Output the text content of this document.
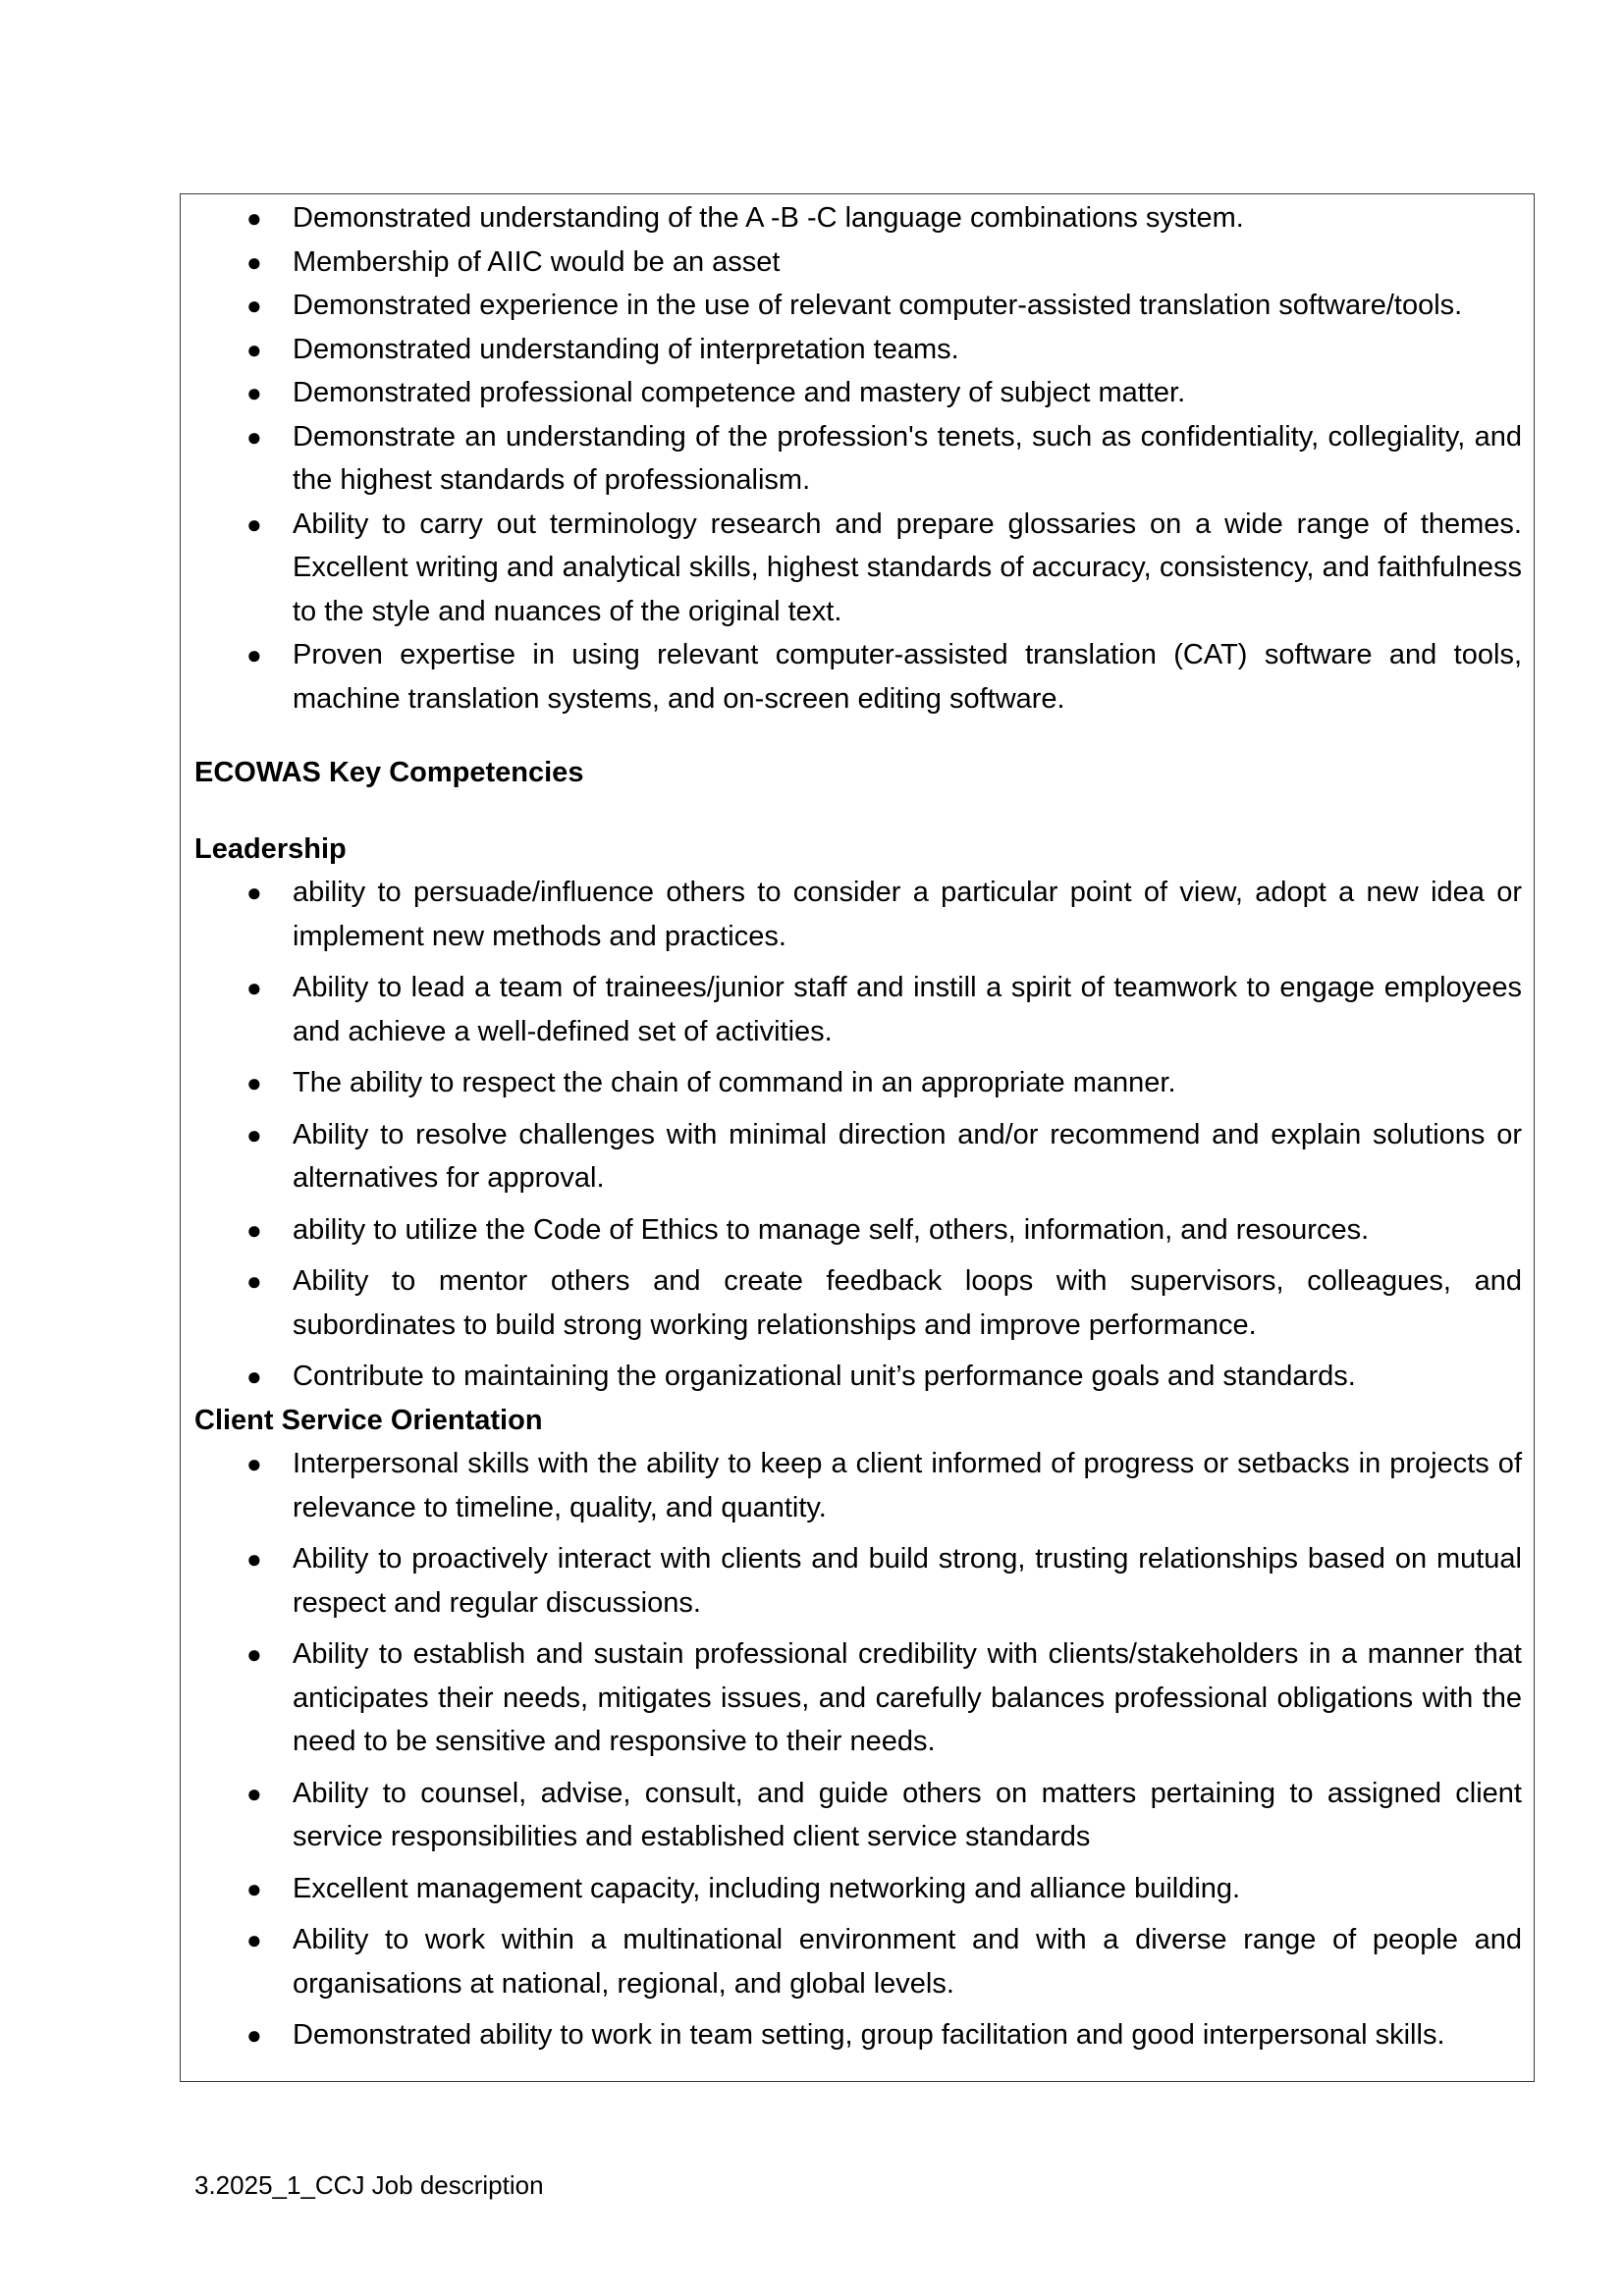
● Demonstrated understanding of the A -B -C language combinations system.
● Membership of AIIC would be an asset
● Demonstrated experience in the use of relevant computer-assisted translation software/tools.
● Demonstrated understanding of interpretation teams.
● Demonstrated professional competence and mastery of subject matter.
● Demonstrate an understanding of the profession's tenets, such as confidentiality, collegiality, and the highest standards of professionalism.
● Ability to carry out terminology research and prepare glossaries on a wide range of themes. Excellent writing and analytical skills, highest standards of accuracy, consistency, and faithfulness to the style and nuances of the original text.
● Proven expertise in using relevant computer-assisted translation (CAT) software and tools, machine translation systems, and on-screen editing software.

ECOWAS Key Competencies

Leadership

● ability to persuade/influence others to consider a particular point of view, adopt a new idea or implement new methods and practices.
● Ability to lead a team of trainees/junior staff and instill a spirit of teamwork to engage employees and achieve a well-defined set of activities.
● The ability to respect the chain of command in an appropriate manner.
● Ability to resolve challenges with minimal direction and/or recommend and explain solutions or alternatives for approval.
● ability to utilize the Code of Ethics to manage self, others, information, and resources.
● Ability to mentor others and create feedback loops with supervisors, colleagues, and subordinates to build strong working relationships and improve performance.
● Contribute to maintaining the organizational unit’s performance goals and standards.

Client Service Orientation

● Interpersonal skills with the ability to keep a client informed of progress or setbacks in projects of relevance to timeline, quality, and quantity.
● Ability to proactively interact with clients and build strong, trusting relationships based on mutual respect and regular discussions.
● Ability to establish and sustain professional credibility with clients/stakeholders in a manner that anticipates their needs, mitigates issues, and carefully balances professional obligations with the need to be sensitive and responsive to their needs.
● Ability to counsel, advise, consult, and guide others on matters pertaining to assigned client service responsibilities and established client service standards
● Excellent management capacity, including networking and alliance building.
● Ability to work within a multinational environment and with a diverse range of people and organisations at national, regional, and global levels.
● Demonstrated ability to work in team setting, group facilitation and good interpersonal skills.
3.2025_1_CCJ Job description
